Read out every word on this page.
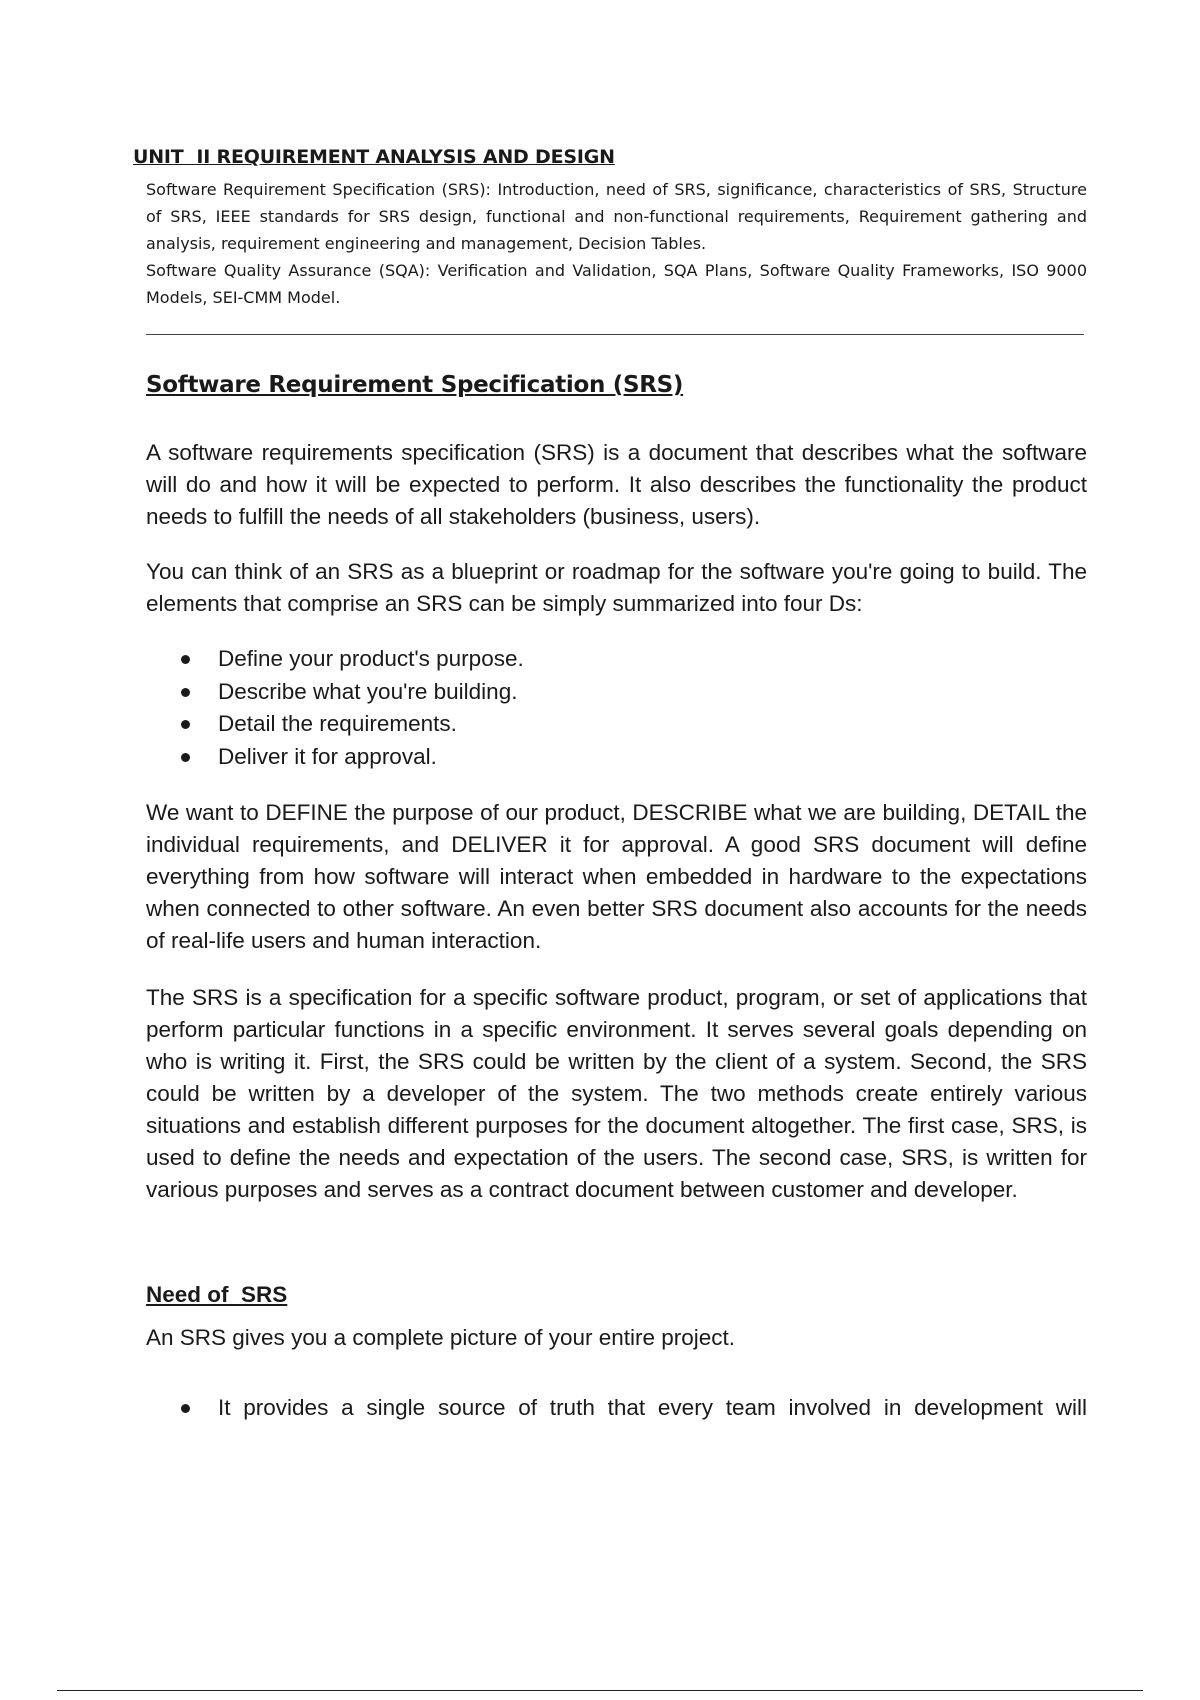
UNIT  II REQUIREMENT ANALYSIS AND DESIGN

Software Requirement Specification (SRS): Introduction, need of SRS, significance, characteristics of SRS, Structure of SRS, IEEE standards for SRS design, functional and non-functional requirements, Requirement gathering and analysis, requirement engineering and management, Decision Tables.

Software Quality Assurance (SQA): Verification and Validation, SQA Plans, Software Quality Frameworks, ISO 9000 Models, SEI-CMM Model.

Software Requirement Specification (SRS)

A software requirements specification (SRS) is a document that describes what the software will do and how it will be expected to perform. It also describes the functionality the product needs to fulfill the needs of all stakeholders (business, users).

You can think of an SRS as a blueprint or roadmap for the software you're going to build. The elements that comprise an SRS can be simply summarized into four Ds:

Define your product's purpose.
Describe what you're building.
Detail the requirements.
Deliver it for approval.

We want to DEFINE the purpose of our product, DESCRIBE what we are building, DETAIL the individual requirements, and DELIVER it for approval. A good SRS document will define everything from how software will interact when embedded in hardware to the expectations when connected to other software. An even better SRS document also accounts for the needs of real-life users and human interaction.

The SRS is a specification for a specific software product, program, or set of applications that perform particular functions in a specific environment. It serves several goals depending on who is writing it. First, the SRS could be written by the client of a system. Second, the SRS could be written by a developer of the system. The two methods create entirely various situations and establish different purposes for the document altogether. The first case, SRS, is used to define the needs and expectation of the users. The second case, SRS, is written for various purposes and serves as a contract document between customer and developer.

Need of  SRS

An SRS gives you a complete picture of your entire project.

It provides a single source of truth that every team involved in development will
